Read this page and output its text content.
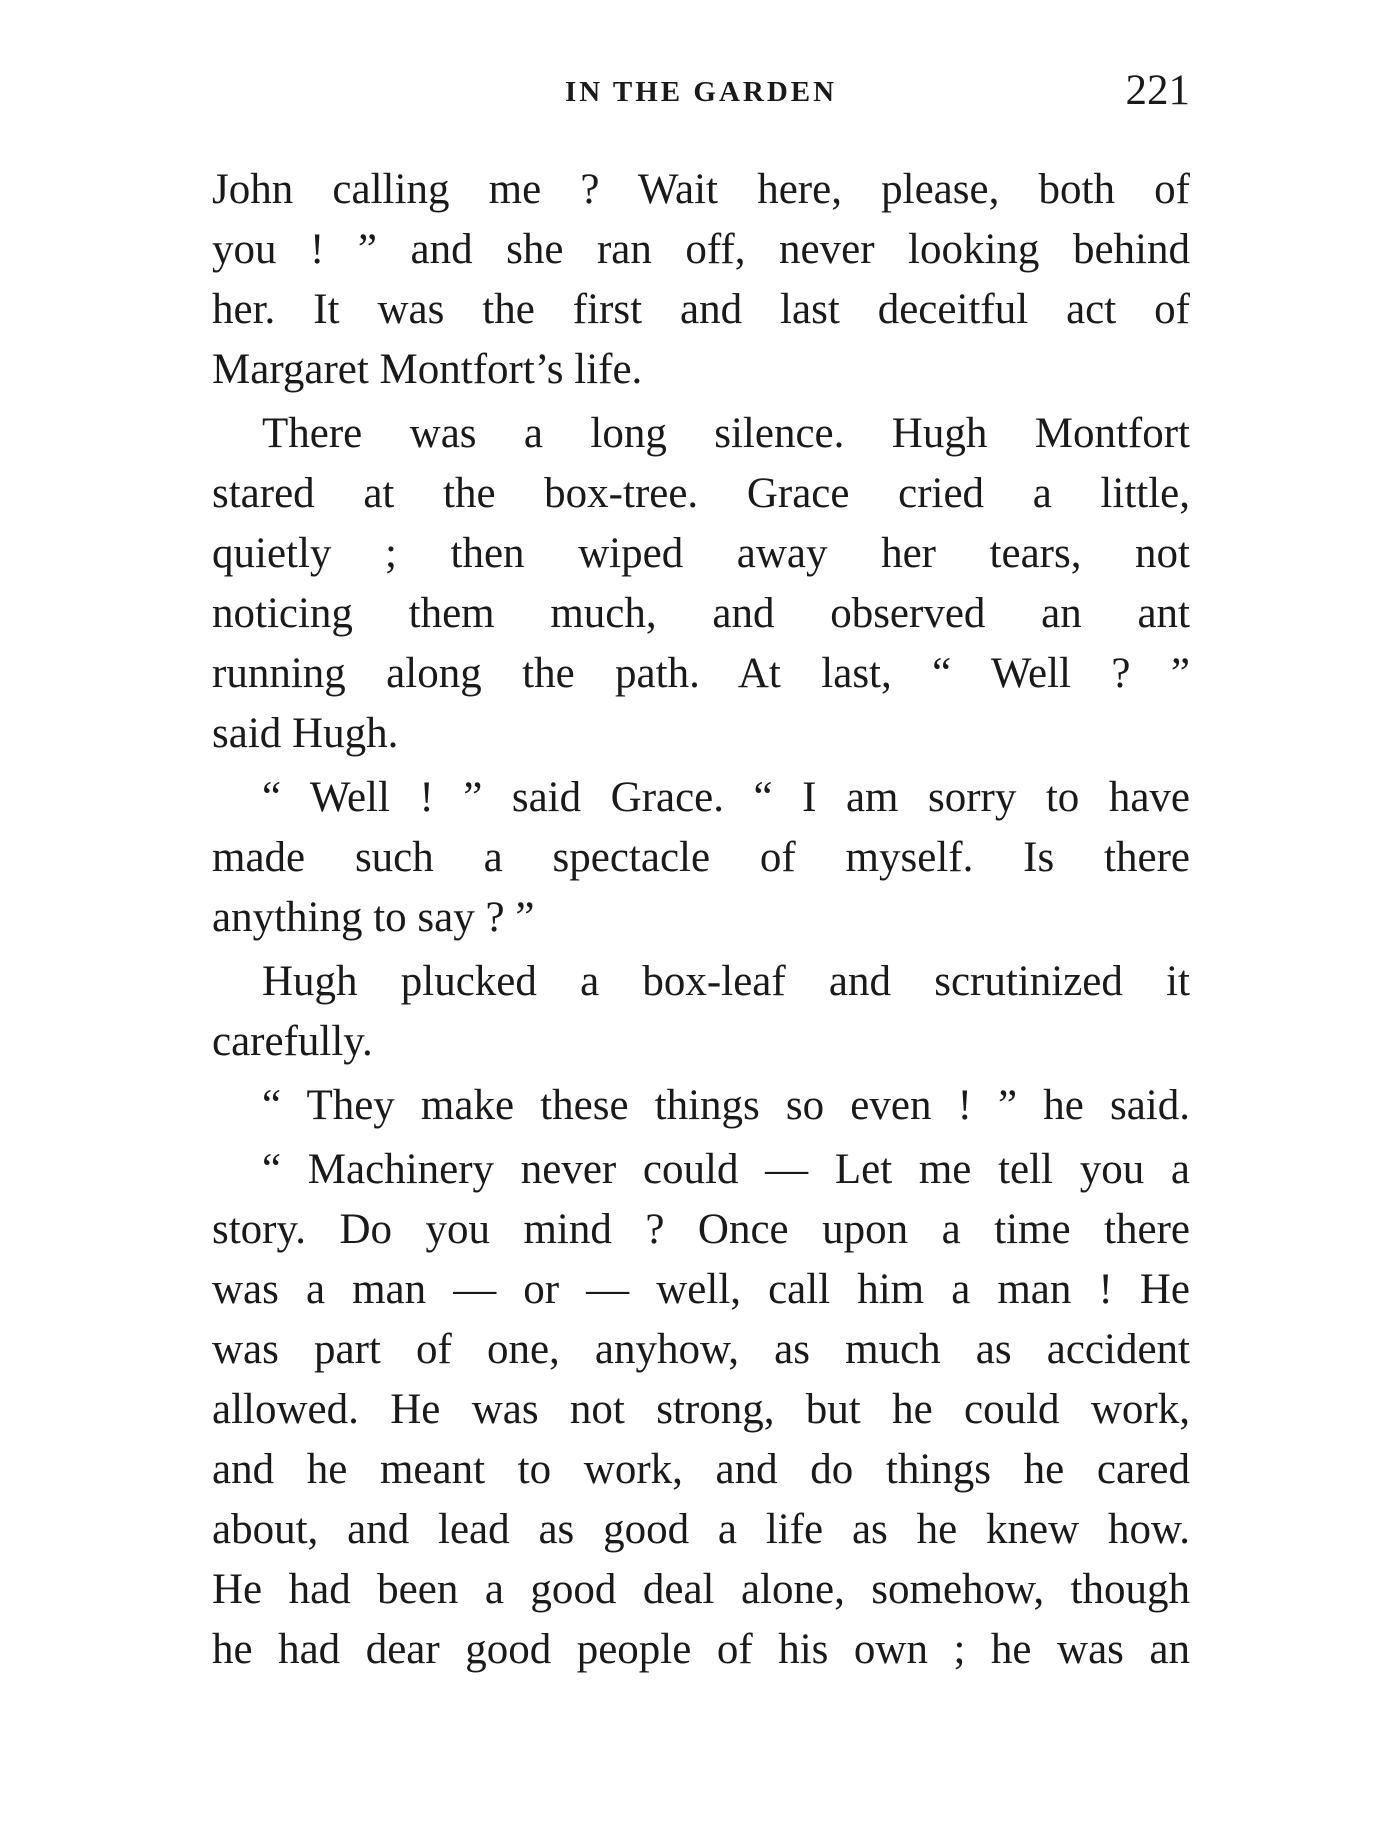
IN THE GARDEN	221
John calling me ? Wait here, please, both of
you ! ” and she ran off, never looking behind
her. It was the first and last deceitful act of
Margaret Montfort’s life.
There was a long silence. Hugh Montfort
stared at the box-tree. Grace cried a little,
quietly ; then wiped away her tears, not
noticing them much, and observed an ant
running along the path. At last, “ Well ? ”
said Hugh.
“ Well ! ” said Grace. “ I am sorry to have
made such a spectacle of myself. Is there
anything to say ? ”
Hugh plucked a box-leaf and scrutinized it
carefully.
“ They make these things so even ! ” he said.
“ Machinery never could — Let me tell you a
story. Do you mind ? Once upon a time there
was a man — or — well, call him a man ! He
was part of one, anyhow, as much as accident
allowed. He was not strong, but he could work,
and he meant to work, and do things he cared
about, and lead as good a life as he knew how.
He had been a good deal alone, somehow, though
he had dear good people of his own ; he was an
